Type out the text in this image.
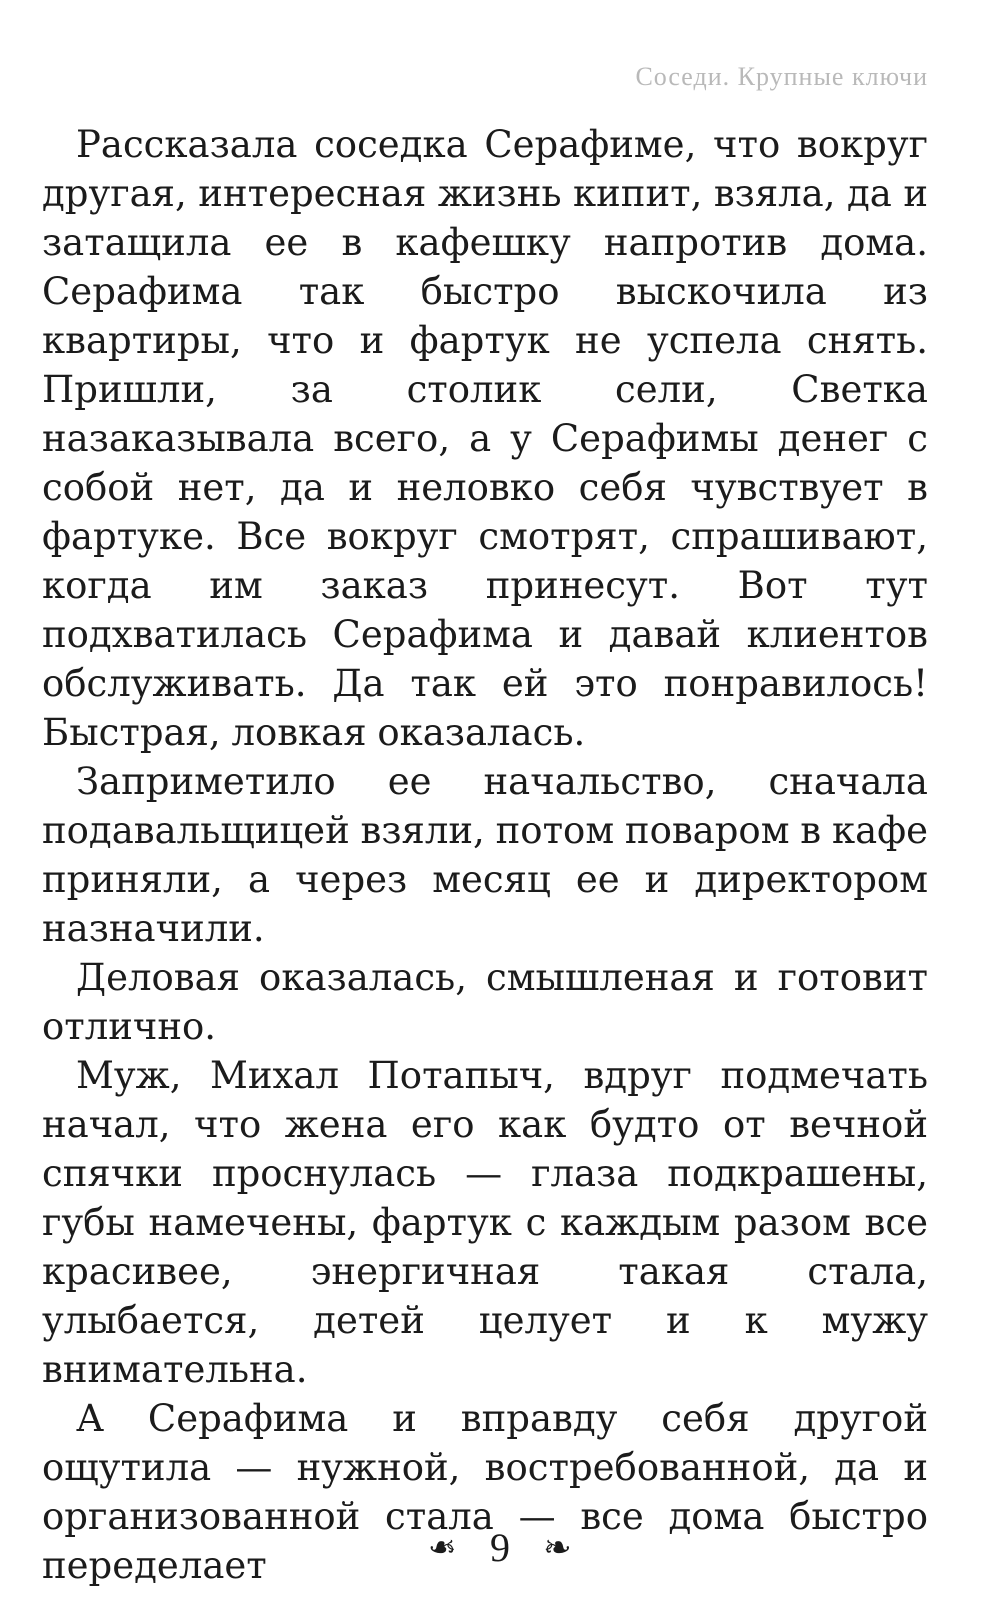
Соседи. Крупные ключи

Рассказала соседка Серафиме, что вокруг другая, интересная жизнь кипит, взяла, да и затащила ее в кафешку напротив дома. Серафима так быстро выскочила из квартиры, что и фартук не успела снять. Пришли, за столик сели, Светка назаказывала всего, а у Серафимы денег с собой нет, да и неловко себя чувствует в фартуке. Все вокруг смотрят, спрашивают, когда им заказ принесут. Вот тут подхватилась Серафима и давай клиентов обслуживать. Да так ей это понравилось! Быстрая, ловкая оказалась.

Заприметило ее начальство, сначала подавальщицей взяли, потом поваром в кафе приняли, а через месяц ее и директором назначили.

Деловая оказалась, смышленая и готовит отлично.

Муж, Михал Потапыч, вдруг подмечать начал, что жена его как будто от вечной спячки проснулась — глаза подкрашены, губы намечены, фартук с каждым разом все красивее, энергичная такая стала, улыбается, детей целует и к мужу внимательна.

А Серафима и вправду себя другой ощутила — нужной, востребованной, да и организованной стала — все дома быстро переделает	❧ 9 ❧
